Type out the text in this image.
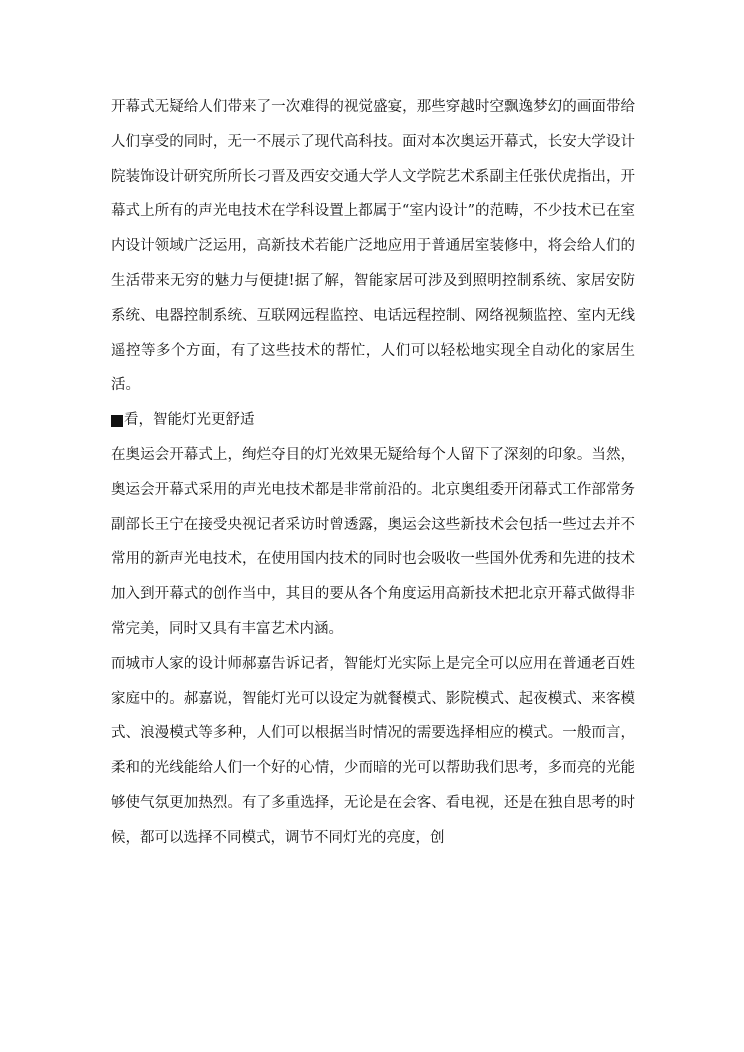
开幕式无疑给人们带来了一次难得的视觉盛宴，那些穿越时空飘逸梦幻的画面带给人们享受的同时，无一不展示了现代高科技。面对本次奥运开幕式，长安大学设计院装饰设计研究所所长刁晋及西安交通大学人文学院艺术系副主任张伏虎指出，开幕式上所有的声光电技术在学科设置上都属于“室内设计”的范畴，不少技术已在室内设计领域广泛运用，高新技术若能广泛地应用于普通居室装修中，将会给人们的生活带来无穷的魅力与便捷!据了解，智能家居可涉及到照明控制系统、家居安防系统、电器控制系统、互联网远程监控、电话远程控制、网络视频监控、室内无线遥控等多个方面，有了这些技术的帮忙，人们可以轻松地实现全自动化的家居生活。

看，智能灯光更舒适

在奥运会开幕式上，绚烂夺目的灯光效果无疑给每个人留下了深刻的印象。当然，奥运会开幕式采用的声光电技术都是非常前沿的。北京奥组委开闭幕式工作部常务副部长王宁在接受央视记者采访时曾透露，奥运会这些新技术会包括一些过去并不常用的新声光电技术，在使用国内技术的同时也会吸收一些国外优秀和先进的技术加入到开幕式的创作当中，其目的要从各个角度运用高新技术把北京开幕式做得非常完美，同时又具有丰富艺术内涵。

而城市人家的设计师郝嘉告诉记者，智能灯光实际上是完全可以应用在普通老百姓家庭中的。郝嘉说，智能灯光可以设定为就餐模式、影院模式、起夜模式、来客模式、浪漫模式等多种，人们可以根据当时情况的需要选择相应的模式。一般而言，柔和的光线能给人们一个好的心情，少而暗的光可以帮助我们思考，多而亮的光能够使气氛更加热烈。有了多重选择，无论是在会客、看电视，还是在独自思考的时候，都可以选择不同模式，调节不同灯光的亮度，创
